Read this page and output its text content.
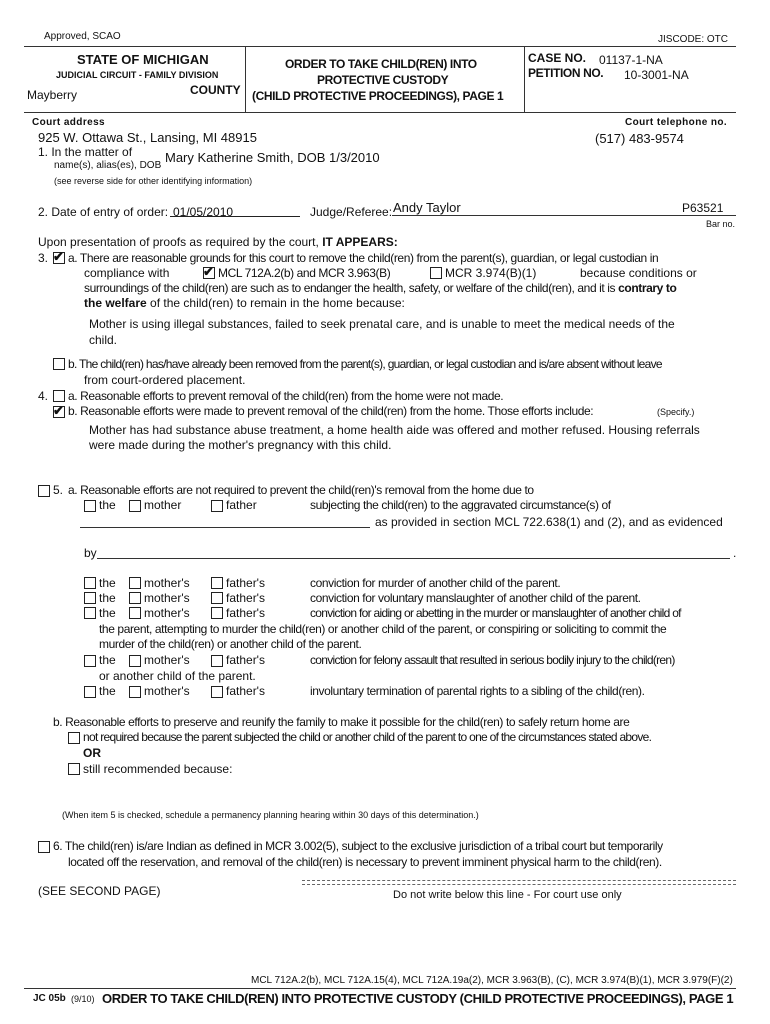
Approved, SCAO	JISCODE: OTC
STATE OF MICHIGAN
JUDICIAL CIRCUIT - FAMILY DIVISION
Mayberry	COUNTY
ORDER TO TAKE CHILD(REN) INTO
PROTECTIVE CUSTODY
(CHILD PROTECTIVE PROCEEDINGS), PAGE 1
CASE NO. 01137-1-NA
PETITION NO. 10-3001-NA
Court address	Court telephone no.
925 W. Ottawa St., Lansing, MI 48915	(517) 483-9574
1. In the matter of	Mary Katherine Smith, DOB 1/3/2010
name(s), alias(es), DOB
(see reverse side for other identifying information)
2. Date of entry of order: 01/05/2010	Judge/Referee: Andy Taylor	P63521
Bar no.
Upon presentation of proofs as required by the court, IT APPEARS:
3. ✔ a. There are reasonable grounds for this court to remove the child(ren) from the parent(s), guardian, or legal custodian in
compliance with	✔ MCL 712A.2(b) and MCR 3.963(B)	MCR 3.974(B)(1)	because conditions or
surroundings of the child(ren) are such as to endanger the health, safety, or welfare of the child(ren), and it is contrary to
the welfare of the child(ren) to remain in the home because:
Mother is using illegal substances, failed to seek prenatal care, and is unable to meet the medical needs of the
child.
b. The child(ren) has/have already been removed from the parent(s), guardian, or legal custodian and is/are absent without leave
from court-ordered placement.
4. a. Reasonable efforts to prevent removal of the child(ren) from the home were not made.
✔ b. Reasonable efforts were made to prevent removal of the child(ren) from the home. Those efforts include:	(Specify.)
Mother has had substance abuse treatment, a home health aide was offered and mother refused. Housing referrals
were made during the mother's pregnancy with this child.
5. a. Reasonable efforts are not required to prevent the child(ren)'s removal from the home due to
the mother	father	subjecting the child(ren) to the aggravated circumstance(s) of
as provided in section MCL 722.638(1) and (2), and as evidenced
by	.
the mother's	father's	conviction for murder of another child of the parent.
the mother's	father's	conviction for voluntary manslaughter of another child of the parent.
the mother's	father's	conviction for aiding or abetting in the murder or manslaughter of another child of
the parent, attempting to murder the child(ren) or another child of the parent, or conspiring or soliciting to commit the
murder of the child(ren) or another child of the parent.
the mother's	father's	conviction for felony assault that resulted in serious bodily injury to the child(ren)
or another child of the parent.
the mother's	father's	involuntary termination of parental rights to a sibling of the child(ren).
b. Reasonable efforts to preserve and reunify the family to make it possible for the child(ren) to safely return home are
not required because the parent subjected the child or another child of the parent to one of the circumstances stated above.
OR
still recommended because:
(When item 5 is checked, schedule a permanency planning hearing within 30 days of this determination.)
6. The child(ren) is/are Indian as defined in MCR 3.002(5), subject to the exclusive jurisdiction of a tribal court but temporarily
located off the reservation, and removal of the child(ren) is necessary to prevent imminent physical harm to the child(ren).
(SEE SECOND PAGE)	Do not write below this line - For court use only
MCL 712A.2(b), MCL 712A.15(4), MCL 712A.19a(2), MCR 3.963(B), (C), MCR 3.974(B)(1), MCR 3.979(F)(2)
JC 05b (9/10) ORDER TO TAKE CHILD(REN) INTO PROTECTIVE CUSTODY (CHILD PROTECTIVE PROCEEDINGS), PAGE 1
